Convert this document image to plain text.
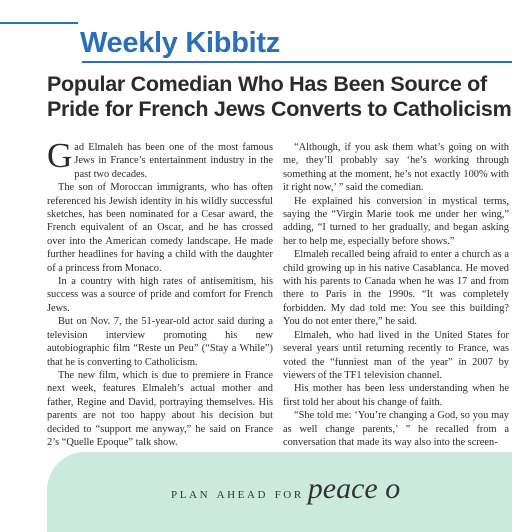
Weekly Kibbitz
Popular Comedian Who Has Been Source of Pride for French Jews Converts to Catholicism

Gad Elmaleh has been one of the most famous Jews in France’s entertainment industry in the past two decades.

The son of Moroccan immigrants, who has often referenced his Jewish identity in his wildly successful sketches, has been nominated for a Cesar award, the French equivalent of an Oscar, and he has crossed over into the American comedy landscape. He made further headlines for having a child with the daughter of a princess from Monaco.

In a country with high rates of antisemitism, his success was a source of pride and comfort for French Jews.

But on Nov. 7, the 51-year-old actor said during a television interview promoting his new autobiographic film “Reste un Peu” (“Stay a While”) that he is converting to Catholicism.

The new film, which is due to premiere in France next week, features Elmaleh’s actual mother and father, Regine and David, portraying themselves. His parents are not too happy about his decision but decided to “support me anyway,” he said on France 2’s “Quelle Epoque” talk show.

“Although, if you ask them what’s going on with me, they’ll probably say ‘he’s working through something at the moment, he’s not exactly 100% with it right now,’ ” said the comedian.

He explained his conversion in mystical terms, saying the “Virgin Marie took me under her wing,” adding, “I turned to her gradually, and began asking her to help me, especially before shows.”

Elmaleh recalled being afraid to enter a church as a child growing up in his native Casablanca. He moved with his parents to Canada when he was 17 and from there to Paris in the 1990s. “It was completely forbidden. My dad told me: You see this building? You do not enter there,” he said.

Elmaleh, who had lived in the United States for several years until returning recently to France, was voted the “funniest man of the year” in 2007 by viewers of the TF1 television channel.

His mother has been less understanding when he first told her about his change of faith.

“She told me: ‘You’re changing a God, so you may as well change parents,’ ” he recalled from a conversation that made its way also into the screen-

plan ahead for peace o
